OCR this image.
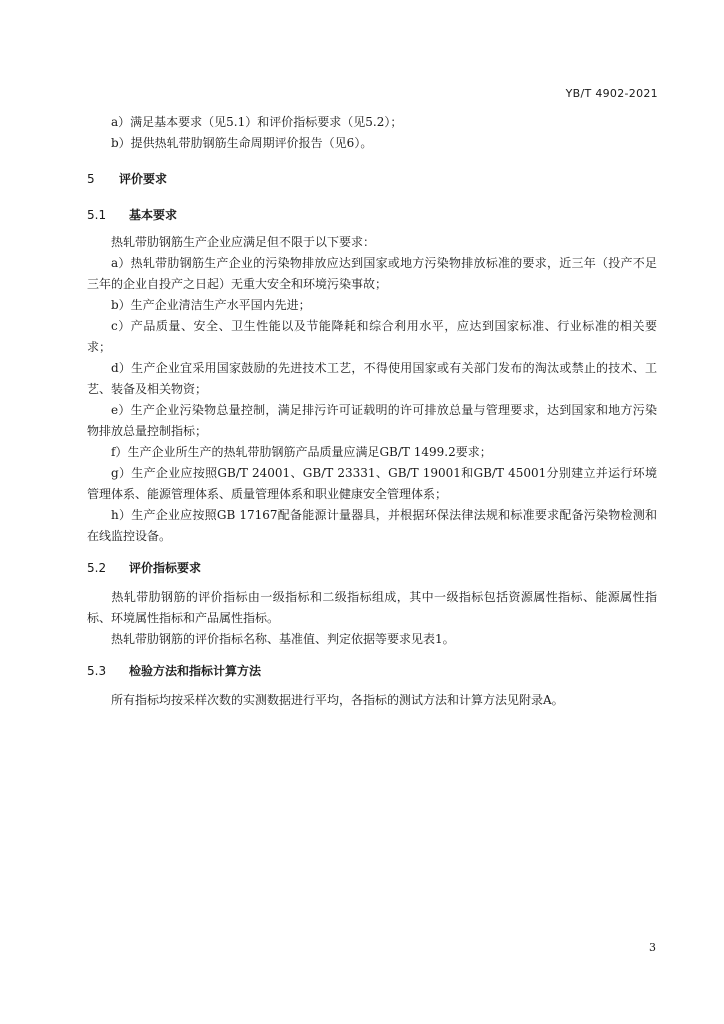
YB/T 4902-2021
a）满足基本要求（见5.1）和评价指标要求（见5.2）；
b）提供热轧带肋钢筋生命周期评价报告（见6）。
5 评价要求
5.1 基本要求
热轧带肋钢筋生产企业应满足但不限于以下要求：
a）热轧带肋钢筋生产企业的污染物排放应达到国家或地方污染物排放标准的要求，近三年（投产不足三年的企业自投产之日起）无重大安全和环境污染事故；
b）生产企业清洁生产水平国内先进；
c）产品质量、安全、卫生性能以及节能降耗和综合利用水平，应达到国家标准、行业标准的相关要求；
d）生产企业宜采用国家鼓励的先进技术工艺，不得使用国家或有关部门发布的淘汰或禁止的技术、工艺、装备及相关物资；
e）生产企业污染物总量控制，满足排污许可证载明的许可排放总量与管理要求，达到国家和地方污染物排放总量控制指标；
f）生产企业所生产的热轧带肋钢筋产品质量应满足GB/T 1499.2要求；
g）生产企业应按照GB/T 24001、GB/T 23331、GB/T 19001和GB/T 45001分别建立并运行环境管理体系、能源管理体系、质量管理体系和职业健康安全管理体系；
h）生产企业应按照GB 17167配备能源计量器具，并根据环保法律法规和标准要求配备污染物检测和在线监控设备。
5.2 评价指标要求
热轧带肋钢筋的评价指标由一级指标和二级指标组成，其中一级指标包括资源属性指标、能源属性指标、环境属性指标和产品属性指标。
热轧带肋钢筋的评价指标名称、基准值、判定依据等要求见表1。
5.3 检验方法和指标计算方法
所有指标均按采样次数的实测数据进行平均，各指标的测试方法和计算方法见附录A。
3
